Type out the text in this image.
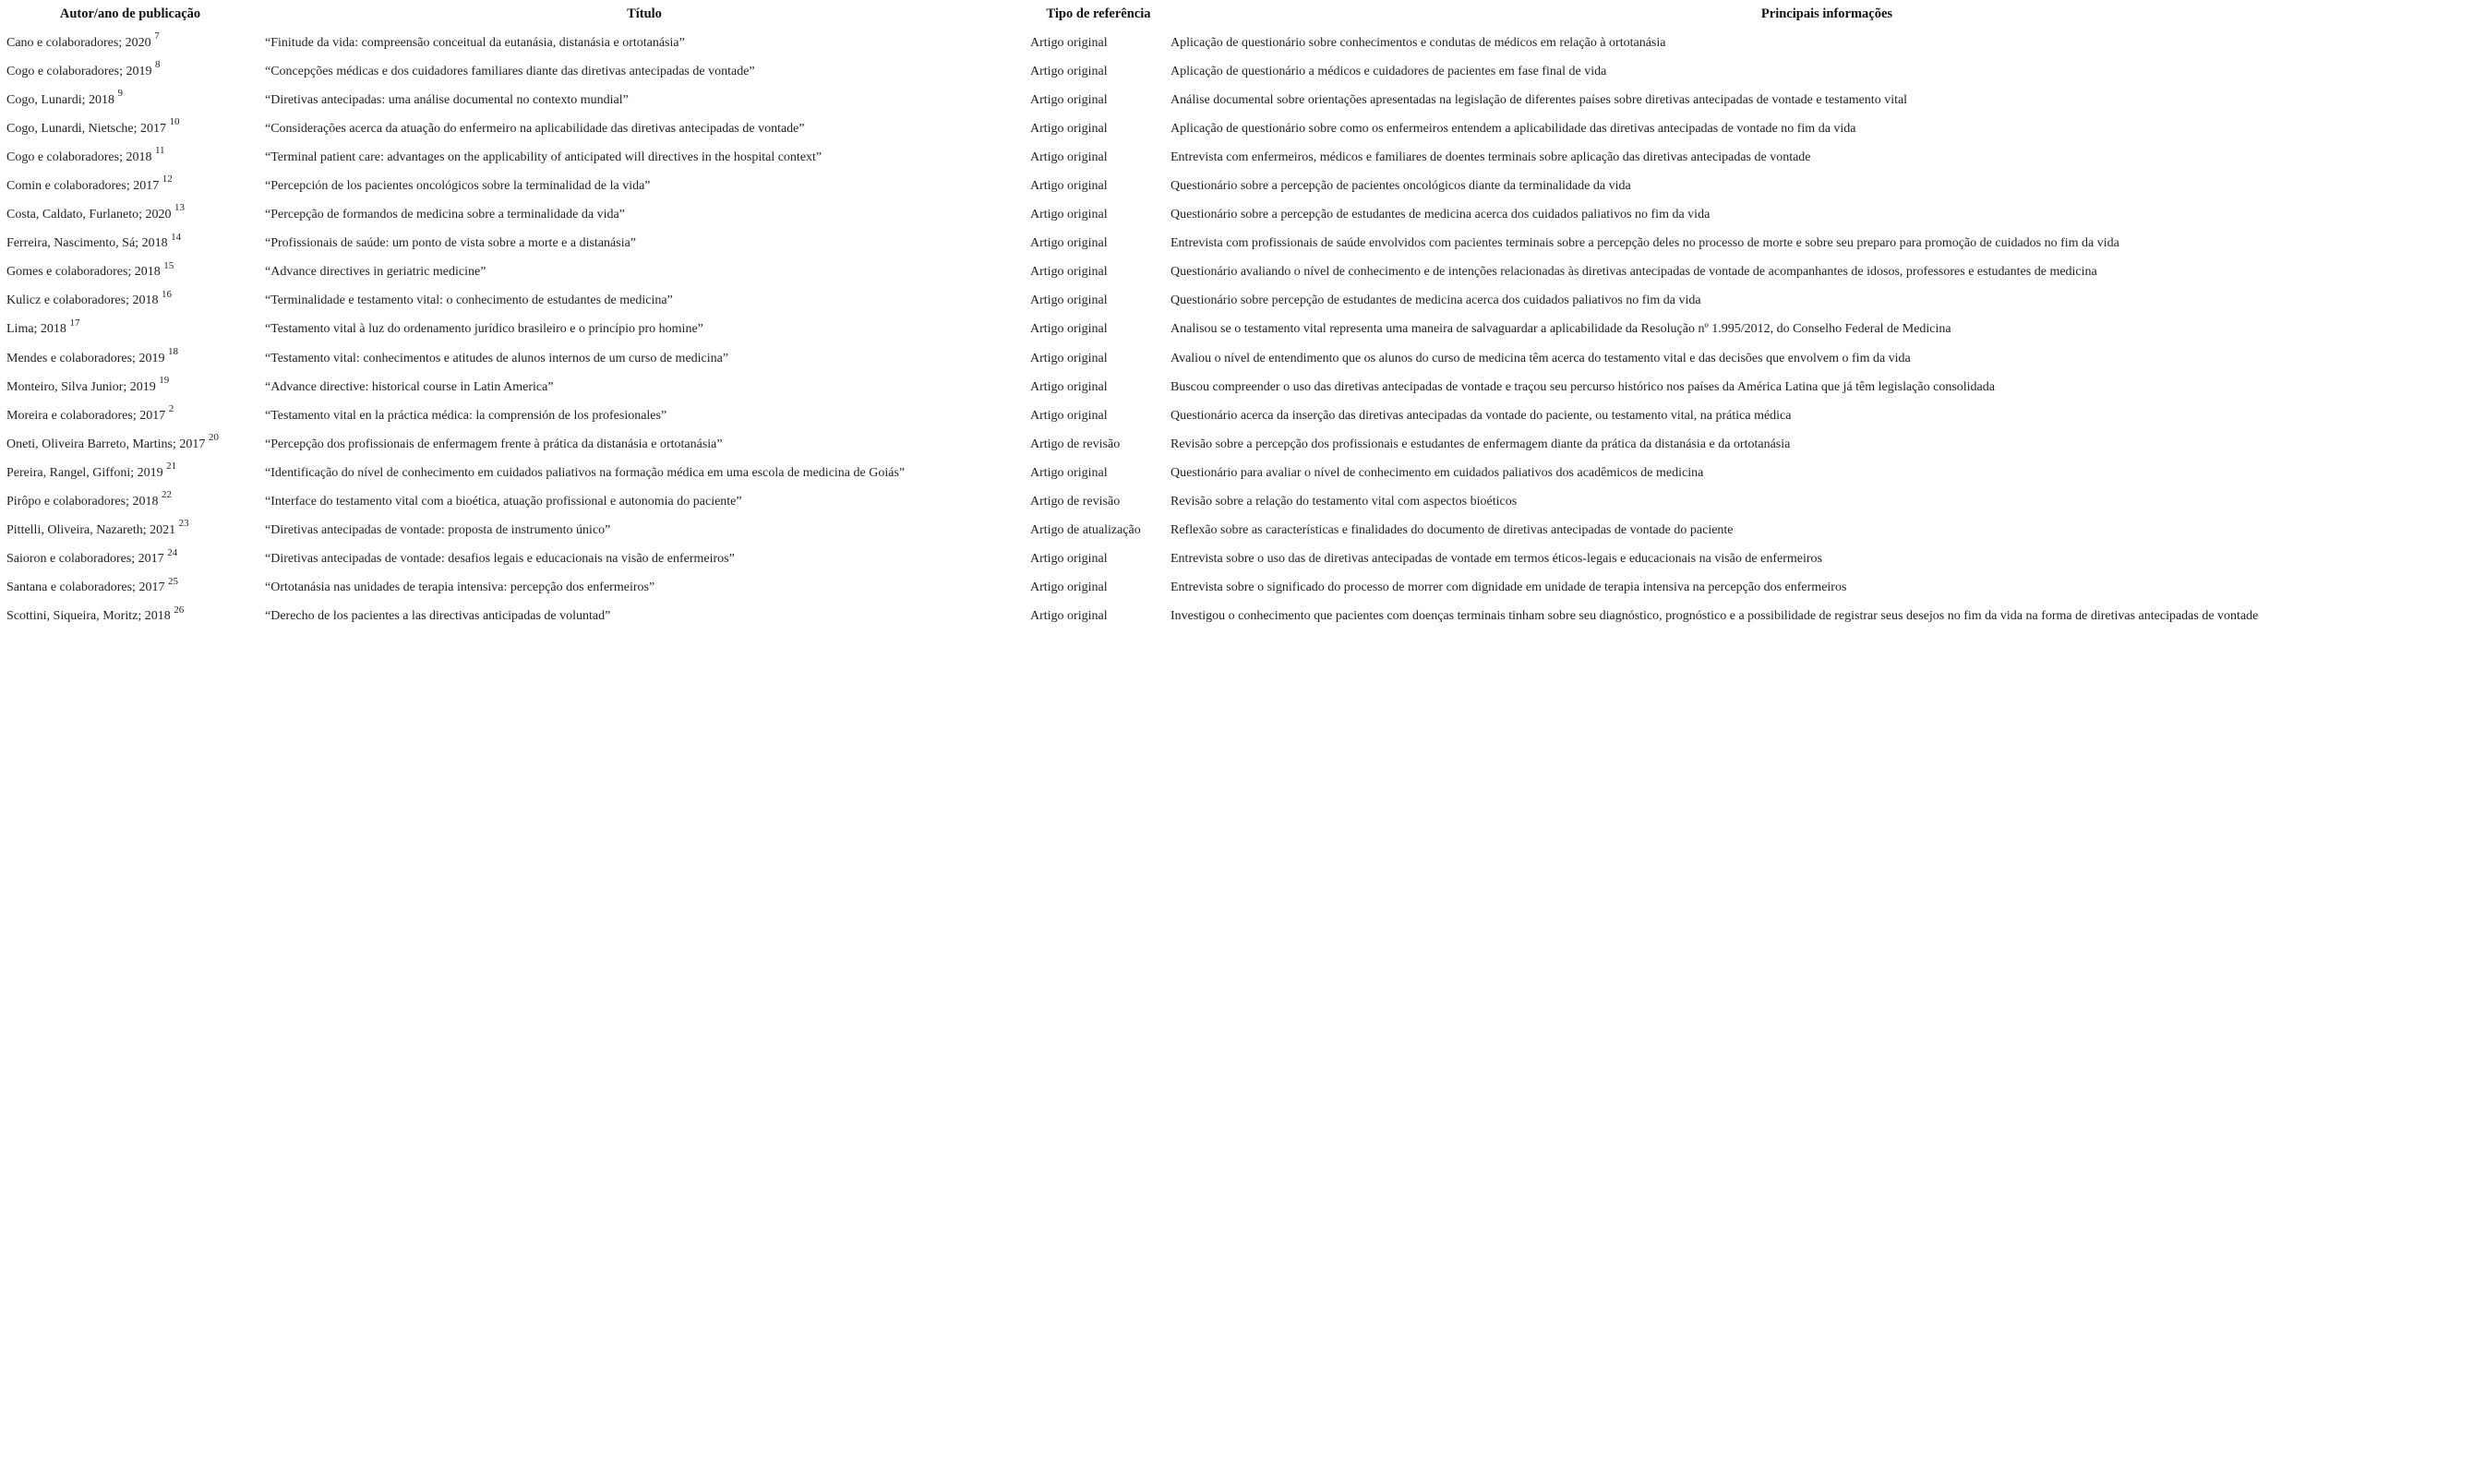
Autor/ano de publicação	Título	Tipo de referência	Principais informações
Cano e colaboradores; 2020 $^7$	“Finitude da vida: compreensão conceitual da eutanásia, distanásia e ortotanásia”	Artigo original	Aplicação de questionário sobre conhecimentos e condutas de médicos em relação à ortotanásia
Cogo e colaboradores; 2019 $^8$	“Concepções médicas e dos cuidadores familiares diante das diretivas antecipadas de vontade”	Artigo original	Aplicação de questionário a médicos e cuidadores de pacientes em fase final de vida
Cogo, Lunardi; 2018 $^9$	“Diretivas antecipadas: uma análise documental no contexto mundial”	Artigo original	Análise documental sobre orientações apresentadas na legislação de diferentes países sobre diretivas antecipadas de vontade e testamento vital
Cogo, Lunardi, Nietsche; 2017 $^{10}$	“Considerações acerca da atuação do enfermeiro na aplicabilidade das diretivas antecipadas de vontade”	Artigo original	Aplicação de questionário sobre como os enfermeiros entendem a aplicabilidade das diretivas antecipadas de vontade no fim da vida
Cogo e colaboradores; 2018 $^{11}$	“Terminal patient care: advantages on the applicability of anticipated will directives in the hospital context”	Artigo original	Entrevista com enfermeiros, médicos e familiares de doentes terminais sobre aplicação das diretivas antecipadas de vontade
Comin e colaboradores; 2017 $^{12}$	“Percepción de los pacientes oncológicos sobre la terminalidad de la vida”	Artigo original	Questionário sobre a percepção de pacientes oncológicos diante da terminalidade da vida
Costa, Caldato, Furlaneto; 2020 $^{13}$	“Percepção de formandos de medicina sobre a terminalidade da vida”	Artigo original	Questionário sobre a percepção de estudantes de medicina acerca dos cuidados paliativos no fim da vida
Ferreira, Nascimento, Sá; 2018 $^{14}$	“Profissionais de saúde: um ponto de vista sobre a morte e a distanásia”	Artigo original	Entrevista com profissionais de saúde envolvidos com pacientes terminais sobre a percepção deles no processo de morte e sobre seu preparo para promoção de cuidados no fim da vida
Gomes e colaboradores; 2018 $^{15}$	“Advance directives in geriatric medicine”	Artigo original	Questionário avaliando o nível de conhecimento e de intenções relacionadas às diretivas antecipadas de vontade de acompanhantes de idosos, professores e estudantes de medicina
Kulicz e colaboradores; 2018 $^{16}$	“Terminalidade e testamento vital: o conhecimento de estudantes de medicina”	Artigo original	Questionário sobre percepção de estudantes de medicina acerca dos cuidados paliativos no fim da vida
Lima; 2018 $^{17}$	“Testamento vital à luz do ordenamento jurídico brasileiro e o princípio pro homine”	Artigo original	Analisou se o testamento vital representa uma maneira de salvaguardar a aplicabilidade da Resolução nº 1.995/2012, do Conselho Federal de Medicina
Mendes e colaboradores; 2019 $^{18}$	“Testamento vital: conhecimentos e atitudes de alunos internos de um curso de medicina”	Artigo original	Avaliou o nível de entendimento que os alunos do curso de medicina têm acerca do testamento vital e das decisões que envolvem o fim da vida
Monteiro, Silva Junior; 2019 $^{19}$	“Advance directive: historical course in Latin America”	Artigo original	Buscou compreender o uso das diretivas antecipadas de vontade e traçou seu percurso histórico nos países da América Latina que já têm legislação consolidada
Moreira e colaboradores; 2017 $^2$	“Testamento vital en la práctica médica: la comprensión de los profesionales”	Artigo original	Questionário acerca da inserção das diretivas antecipadas da vontade do paciente, ou testamento vital, na prática médica
Oneti, Oliveira Barreto, Martins; 2017 $^{20}$	“Percepção dos profissionais de enfermagem frente à prática da distanásia e ortotanásia”	Artigo de revisão	Revisão sobre a percepção dos profissionais e estudantes de enfermagem diante da prática da distanásia e da ortotanásia
Pereira, Rangel, Giffoni; 2019 $^{21}$	“Identificação do nível de conhecimento em cuidados paliativos na formação médica em uma escola de medicina de Goiás”	Artigo original	Questionário para avaliar o nível de conhecimento em cuidados paliativos dos acadêmicos de medicina
Pirôpo e colaboradores; 2018 $^{22}$	“Interface do testamento vital com a bioética, atuação profissional e autonomia do paciente”	Artigo de revisão	Revisão sobre a relação do testamento vital com aspectos bioéticos
Pittelli, Oliveira, Nazareth; 2021 $^{23}$	“Diretivas antecipadas de vontade: proposta de instrumento único”	Artigo de atualização	Reflexão sobre as características e finalidades do documento de diretivas antecipadas de vontade do paciente
Saioron e colaboradores; 2017 $^{24}$	“Diretivas antecipadas de vontade: desafios legais e educacionais na visão de enfermeiros”	Artigo original	Entrevista sobre o uso das de diretivas antecipadas de vontade em termos éticos-legais e educacionais na visão de enfermeiros
Santana e colaboradores; 2017 $^{25}$	“Ortotanásia nas unidades de terapia intensiva: percepção dos enfermeiros”	Artigo original	Entrevista sobre o significado do processo de morrer com dignidade em unidade de terapia intensiva na percepção dos enfermeiros
Scottini, Siqueira, Moritz; 2018 $^{26}$	“Derecho de los pacientes a las directivas anticipadas de voluntad”	Artigo original	Investigou o conhecimento que pacientes com doenças terminais tinham sobre seu diagnóstico, prognóstico e a possibilidade de registrar seus desejos no fim da vida na forma de diretivas antecipadas de vontade
